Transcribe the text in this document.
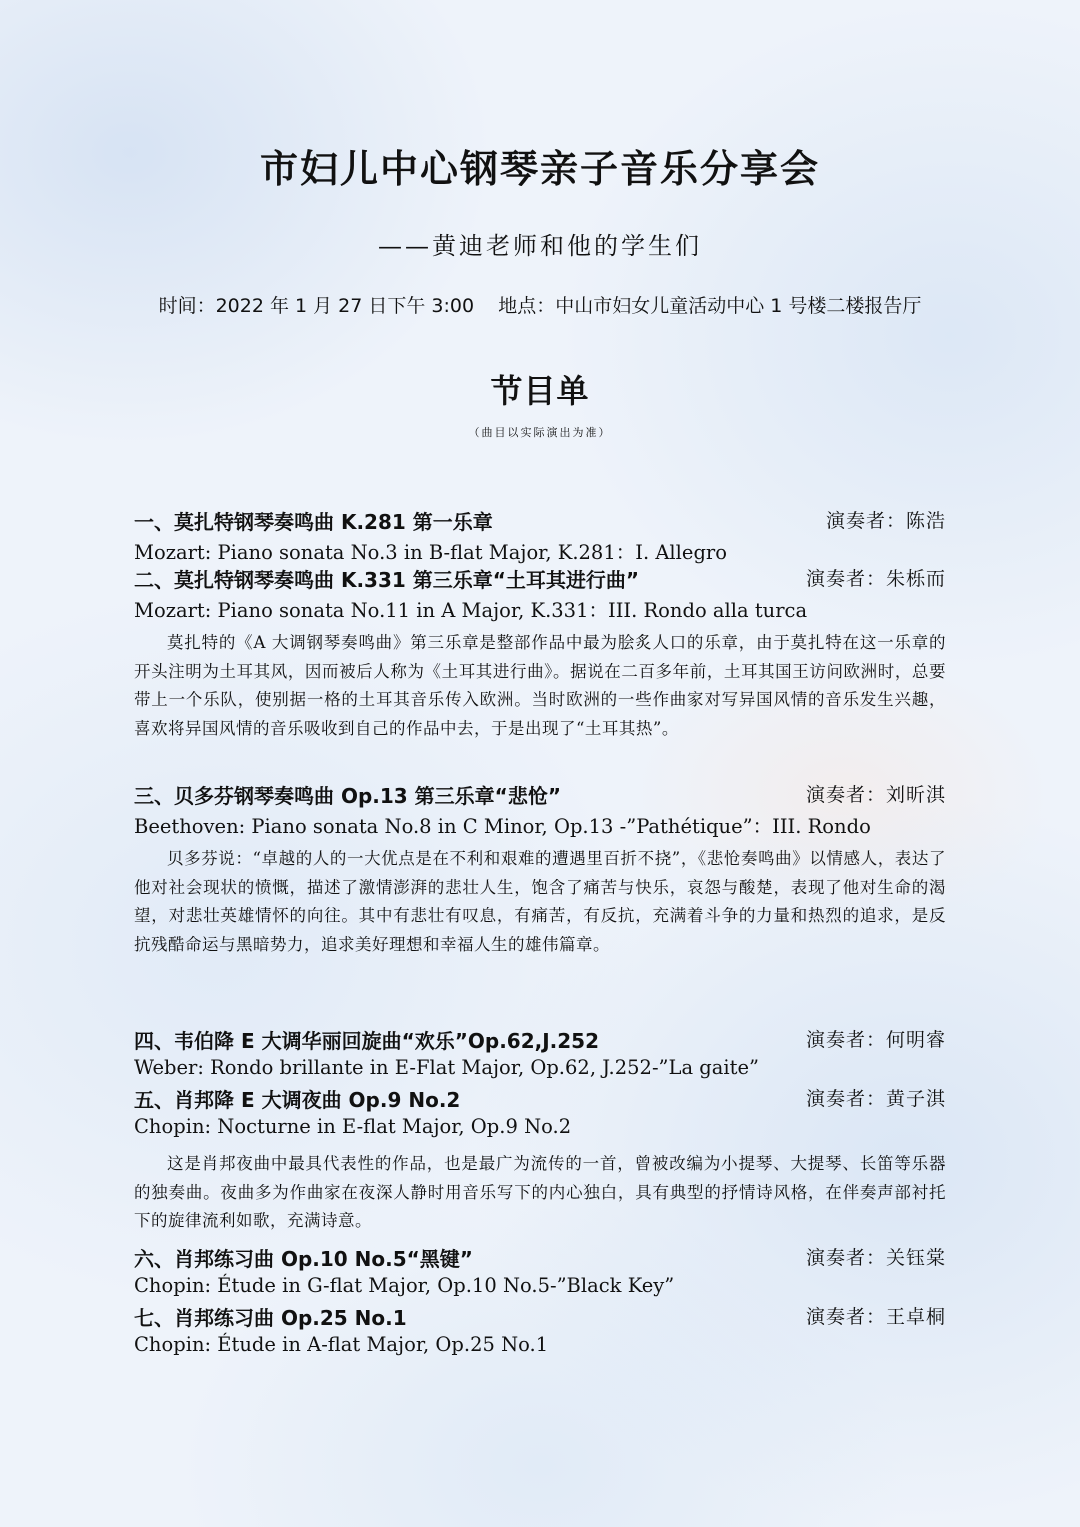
市妇儿中心钢琴亲子音乐分享会
——黄迪老师和他的学生们
时间：2022 年 1 月 27 日下午 3:00    地点：中山市妇女儿童活动中心 1 号楼二楼报告厅
节目单
（曲目以实际演出为准）
一、莫扎特钢琴奏鸣曲 K.281 第一乐章	演奏者：陈浩
Mozart: Piano sonata No.3 in B-flat Major, K.281：I. Allegro
二、莫扎特钢琴奏鸣曲 K.331 第三乐章“土耳其进行曲”	演奏者：朱栎而
Mozart: Piano sonata No.11 in A Major, K.331：III. Rondo alla turca
莫扎特的《A 大调钢琴奏鸣曲》第三乐章是整部作品中最为脍炙人口的乐章，由于莫扎特在这一乐章的开头注明为土耳其风，因而被后人称为《土耳其进行曲》。据说在二百多年前，土耳其国王访问欧洲时，总要带上一个乐队，使别据一格的土耳其音乐传入欧洲。当时欧洲的一些作曲家对写异国风情的音乐发生兴趣，喜欢将异国风情的音乐吸收到自己的作品中去，于是出现了“土耳其热”。
三、贝多芬钢琴奏鸣曲 Op.13 第三乐章“悲怆”	演奏者：刘昕淇
Beethoven: Piano sonata No.8 in C Minor, Op.13 -”Pathétique”：III. Rondo
贝多芬说：“卓越的人的一大优点是在不利和艰难的遭遇里百折不挠”，《悲怆奏鸣曲》以情感人，表达了他对社会现状的愤慨，描述了激情澎湃的悲壮人生，饱含了痛苦与快乐，哀怨与酸楚，表现了他对生命的渴望，对悲壮英雄情怀的向往。其中有悲壮有叹息，有痛苦，有反抗，充满着斗争的力量和热烈的追求，是反抗残酷命运与黑暗势力，追求美好理想和幸福人生的雄伟篇章。
四、韦伯降 E 大调华丽回旋曲“欢乐”Op.62,J.252	演奏者：何明睿
Weber: Rondo brillante in E-Flat Major, Op.62, J.252-”La gaite”
五、肖邦降 E 大调夜曲 Op.9 No.2	演奏者：黄子淇
Chopin: Nocturne in E-flat Major, Op.9 No.2
这是肖邦夜曲中最具代表性的作品，也是最广为流传的一首，曾被改编为小提琴、大提琴、长笛等乐器的独奏曲。夜曲多为作曲家在夜深人静时用音乐写下的内心独白，具有典型的抒情诗风格，在伴奏声部衬托下的旋律流利如歌，充满诗意。
六、肖邦练习曲 Op.10 No.5“黑键”	演奏者：关钰棠
Chopin: Étude in G-flat Major, Op.10 No.5-”Black Key”
七、肖邦练习曲 Op.25 No.1	演奏者：王卓桐
Chopin: Étude in A-flat Major, Op.25 No.1
